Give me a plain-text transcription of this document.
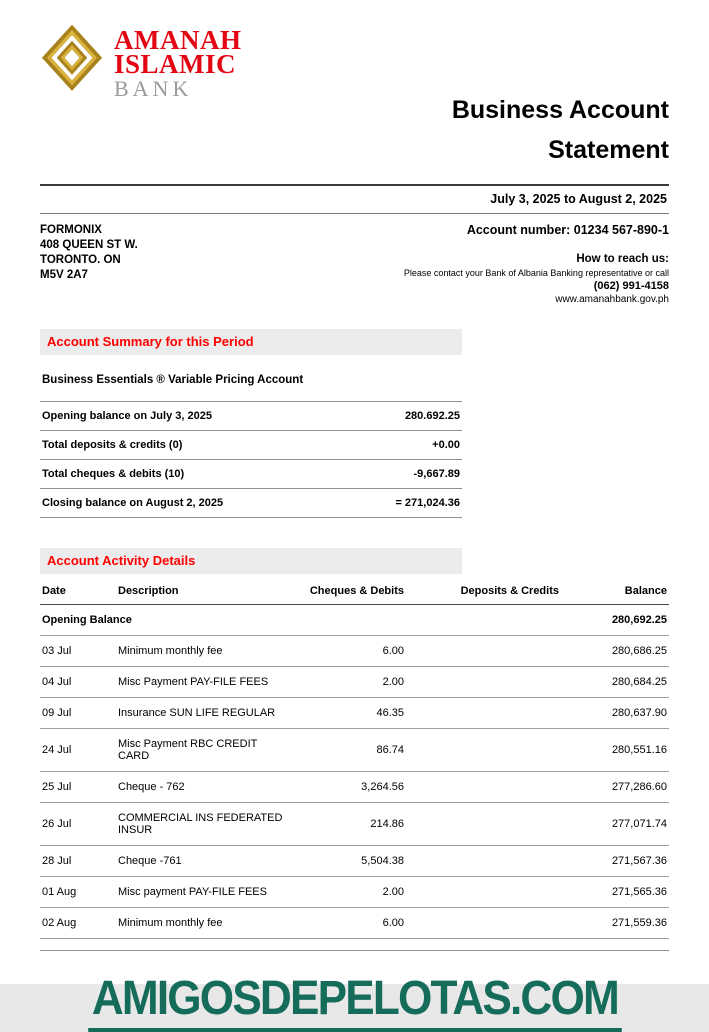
AMANAH
ISLAMIC
BANK
Business Account
Statement
July 3, 2025 to August 2, 2025
FORMONIX
408 QUEEN ST W.
TORONTO. ON
M5V 2A7
Account number: 01234 567-890-1
How to reach us:
Please contact your Bank of Albania Banking representative or call
(062) 991-4158
www.amanahbank.gov.ph
Account Summary for this Period
Business Essentials ® Variable Pricing Account
Opening balance on July 3, 2025	280.692.25
Total deposits & credits (0)	+0.00
Total cheques & debits (10)	-9,667.89
Closing balance on August 2, 2025	= 271,024.36
Account Activity Details
Date	Description	Cheques & Debits	Deposits & Credits	Balance
Opening Balance				280,692.25
03 Jul	Minimum monthly fee	6.00		280,686.25
04 Jul	Misc Payment PAY-FILE FEES	2.00		280,684.25
09 Jul	Insurance SUN LIFE REGULAR	46.35		280,637.90
24 Jul	Misc Payment RBC CREDIT CARD	86.74		280,551.16
25 Jul	Cheque - 762	3,264.56		277,286.60
26 Jul	COMMERCIAL INS FEDERATED INSUR	214.86		277,071.74
28 Jul	Cheque -761	5,504.38		271,567.36
01 Aug	Misc payment PAY-FILE FEES	2.00		271,565.36
02 Aug	Minimum monthly fee	6.00		271,559.36
AMIGOSDEPELOTAS.COM
